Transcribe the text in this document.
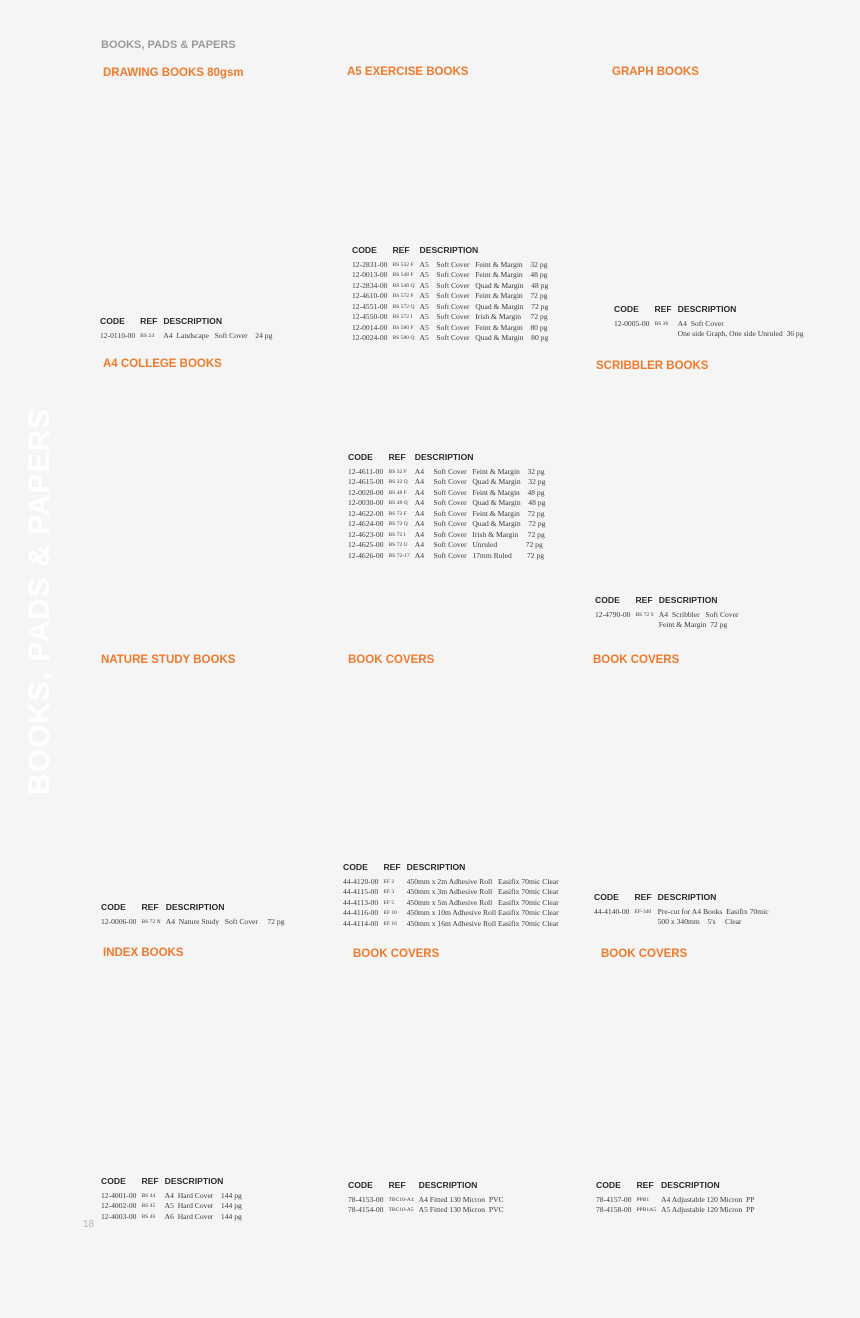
BOOKS, PADS & PAPERS
BOOKS, PADS & PAPERS
18
DRAWING BOOKS 80gsm	A5 EXERCISE BOOKS	GRAPH BOOKS
A4 COLLEGE BOOKS	SCRIBBLER BOOKS
NATURE STUDY BOOKS	BOOK COVERS	BOOK COVERS
INDEX BOOKS	BOOK COVERS	BOOK COVERS
CODE	REF	DESCRIPTION
12-0110-00	BS 24	A4  Landscape   Soft Cover    24 pg
CODE	REF	DESCRIPTION
12-2831-00	BS 532 F	A5    Soft Cover   Feint & Margin    32 pg
12-0013-00	BS 548 F	A5    Soft Cover   Feint & Margin    48 pg
12-2834-00	BS 548 Q	A5    Soft Cover   Quad & Margin    48 pg
12-4610-00	BS 572 F	A5    Soft Cover   Feint & Margin    72 pg
12-4551-00	BS 572 Q	A5    Soft Cover   Quad & Margin    72 pg
12-4550-00	BS 572 I	A5    Soft Cover   Irish & Margin     72 pg
12-0014-00	BS 580 F	A5    Soft Cover   Feint & Margin    80 pg
12-0024-00	BS 580 Q	A5    Soft Cover   Quad & Margin    80 pg
CODE	REF	DESCRIPTION
12-0005-00	BS 36	A4  Soft Cover
One side Graph, One side Unruled  36 pg
CODE	REF	DESCRIPTION
12-4611-00	BS 32 F	A4     Soft Cover   Feint & Margin    32 pg
12-4615-00	BS 32 Q	A4     Soft Cover   Quad & Margin    32 pg
12-0020-00	BS 48 F	A4     Soft Cover   Feint & Margin    48 pg
12-0030-00	BS 48 Q	A4     Soft Cover   Quad & Margin    48 pg
12-4622-00	BS 72 F	A4     Soft Cover   Feint & Margin    72 pg
12-4624-00	BS 72 Q	A4     Soft Cover   Quad & Margin    72 pg
12-4623-00	BS 72 I	A4     Soft Cover   Irish & Margin     72 pg
12-4625-00	BS 72 U	A4     Soft Cover   Unruled               72 pg
12-4626-00	BS 72-17	A4     Soft Cover   17mm Ruled        72 pg
CODE	REF	DESCRIPTION
12-4790-00	BS 72 S	A4  Scribbler   Soft Cover
Feint & Margin  72 pg
CODE	REF	DESCRIPTION
12-0006-00	BS 72 N	A4  Nature Study   Soft Cover     72 pg
CODE	REF	DESCRIPTION
44-4120-00	EF 2	450mm x 2m Adhesive Roll   Easifix 70mic Clear
44-4115-00	EF 3	450mm x 3m Adhesive Roll   Easifix 70mic Clear
44-4113-00	EF 5	450mm x 5m Adhesive Roll   Easifix 70mic Clear
44-4116-00	EF 10	450mm x 10m Adhesive Roll Easifix 70mic Clear
44-4114-00	EF 16	450mm x 16m Adhesive Roll Easifix 70mic Clear
CODE	REF	DESCRIPTION
44-4140-00	EF-340	Pre-cut for A4 Books  Easifix 70mic
500 x 340mm    5's     Clear
CODE	REF	DESCRIPTION
12-4001-00	BS 44	A4  Hard Cover    144 pg
12-4002-00	BS 45	A5  Hard Cover    144 pg
12-4003-00	BS 46	A6  Hard Cover    144 pg
CODE	REF	DESCRIPTION
78-4153-00	TBC10-A4	A4 Fitted 130 Micron  PVC
78-4154-00	TBC10-A5	A5 Fitted 130 Micron  PVC
CODE	REF	DESCRIPTION
78-4157-00	PPB1	A4 Adjustable 120 Micron  PP
78-4158-00	PPB1A5	A5 Adjustable 120 Micron  PP
